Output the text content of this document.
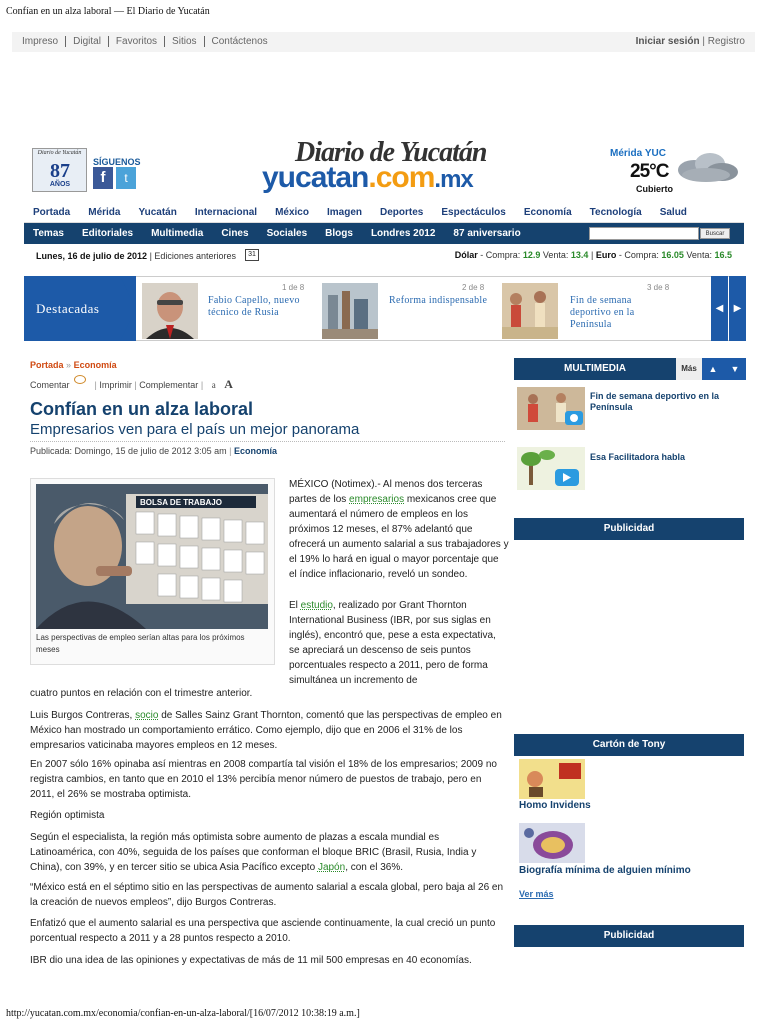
Confían en un alza laboral — El Diario de Yucatán
Impreso	Digital	Favoritos	Sitios	Contáctenos	Iniciar sesión | Registro
Diario de Yucatán
87
AÑOS
SÍGUENOS
f	t
Diario de Yucatán
yucatan.com.mx
Mérida YUC
25°C
Cubierto
Portada	Mérida	Yucatán	Internacional	México	Imagen	Deportes	Espectáculos	Economía	Tecnología	Salud
Temas	Editoriales	Multimedia	Cines	Sociales	Blogs	Londres 2012	87 aniversario	Buscar
Lunes, 16 de julio de 2012 | Ediciones anteriores	31	Dólar - Compra: 12.9 Venta: 13.4 | Euro - Compra: 16.05 Venta: 16.5
Destacadas
1 de 8
Fabio Capello, nuevo técnico de Rusia
2 de 8
Reforma indispensable
3 de 8
Fin de semana deportivo en la Península
◀	▶
Portada » Economía
Comentar	| Imprimir | Complementar | a A
Confían en un alza laboral
Empresarios ven para el país un mejor panorama
Publicada: Domingo, 15 de julio de 2012 3:05 am | Economía
BOLSA DE TRABAJO
Las perspectivas de empleo serían altas para los próximos meses
MÉXICO (Notimex).- Al menos dos terceras partes de los empresarios mexicanos cree que aumentará el número de empleos en los próximos 12 meses, el 87% adelantó que ofrecerá un aumento salarial a sus trabajadores y el 19% lo hará en igual o mayor porcentaje que el índice inflacionario, reveló un sondeo.
El estudio, realizado por Grant Thornton International Business (IBR, por sus siglas en inglés), encontró que, pese a esta expectativa, se apreciará un descenso de seis puntos porcentuales respecto a 2011, pero de forma simultánea un incremento de
cuatro puntos en relación con el trimestre anterior.
Luis Burgos Contreras, socio de Salles Sainz Grant Thornton, comentó que las perspectivas de empleo en México han mostrado un comportamiento errático. Como ejemplo, dijo que en 2006 el 31% de los empresarios vaticinaba mayores empleos en 12 meses.
En 2007 sólo 16% opinaba así mientras en 2008 compartía tal visión el 18% de los empresarios; 2009 no registra cambios, en tanto que en 2010 el 13% percibía menor número de puestos de trabajo, pero en 2011, el 26% se mostraba optimista.
Región optimista
Según el especialista, la región más optimista sobre aumento de plazas a escala mundial es Latinoamérica, con 40%, seguida de los países que conforman el bloque BRIC (Brasil, Rusia, India y China), con 39%, y en tercer sitio se ubica Asia Pacífico excepto Japón, con el 36%.
“México está en el séptimo sitio en las perspectivas de aumento salarial a escala global, pero baja al 26 en la creación de nuevos empleos”, dijo Burgos Contreras.
Enfatizó que el aumento salarial es una perspectiva que asciende continuamente, la cual creció un punto porcentual respecto a 2011 y a 28 puntos respecto a 2010.
IBR dio una idea de las opiniones y expectativas de más de 11 mil 500 empresas en 40 economías.
MULTIMEDIA	Más	▲	▼
Fin de semana deportivo en la Península
Esa Facilitadora habla
Publicidad
Cartón de Tony
Homo Invidens
Biografía mínima de alguien mínimo
Ver más
Publicidad
http://yucatan.com.mx/economia/confian-en-un-alza-laboral/[16/07/2012 10:38:19 a.m.]
